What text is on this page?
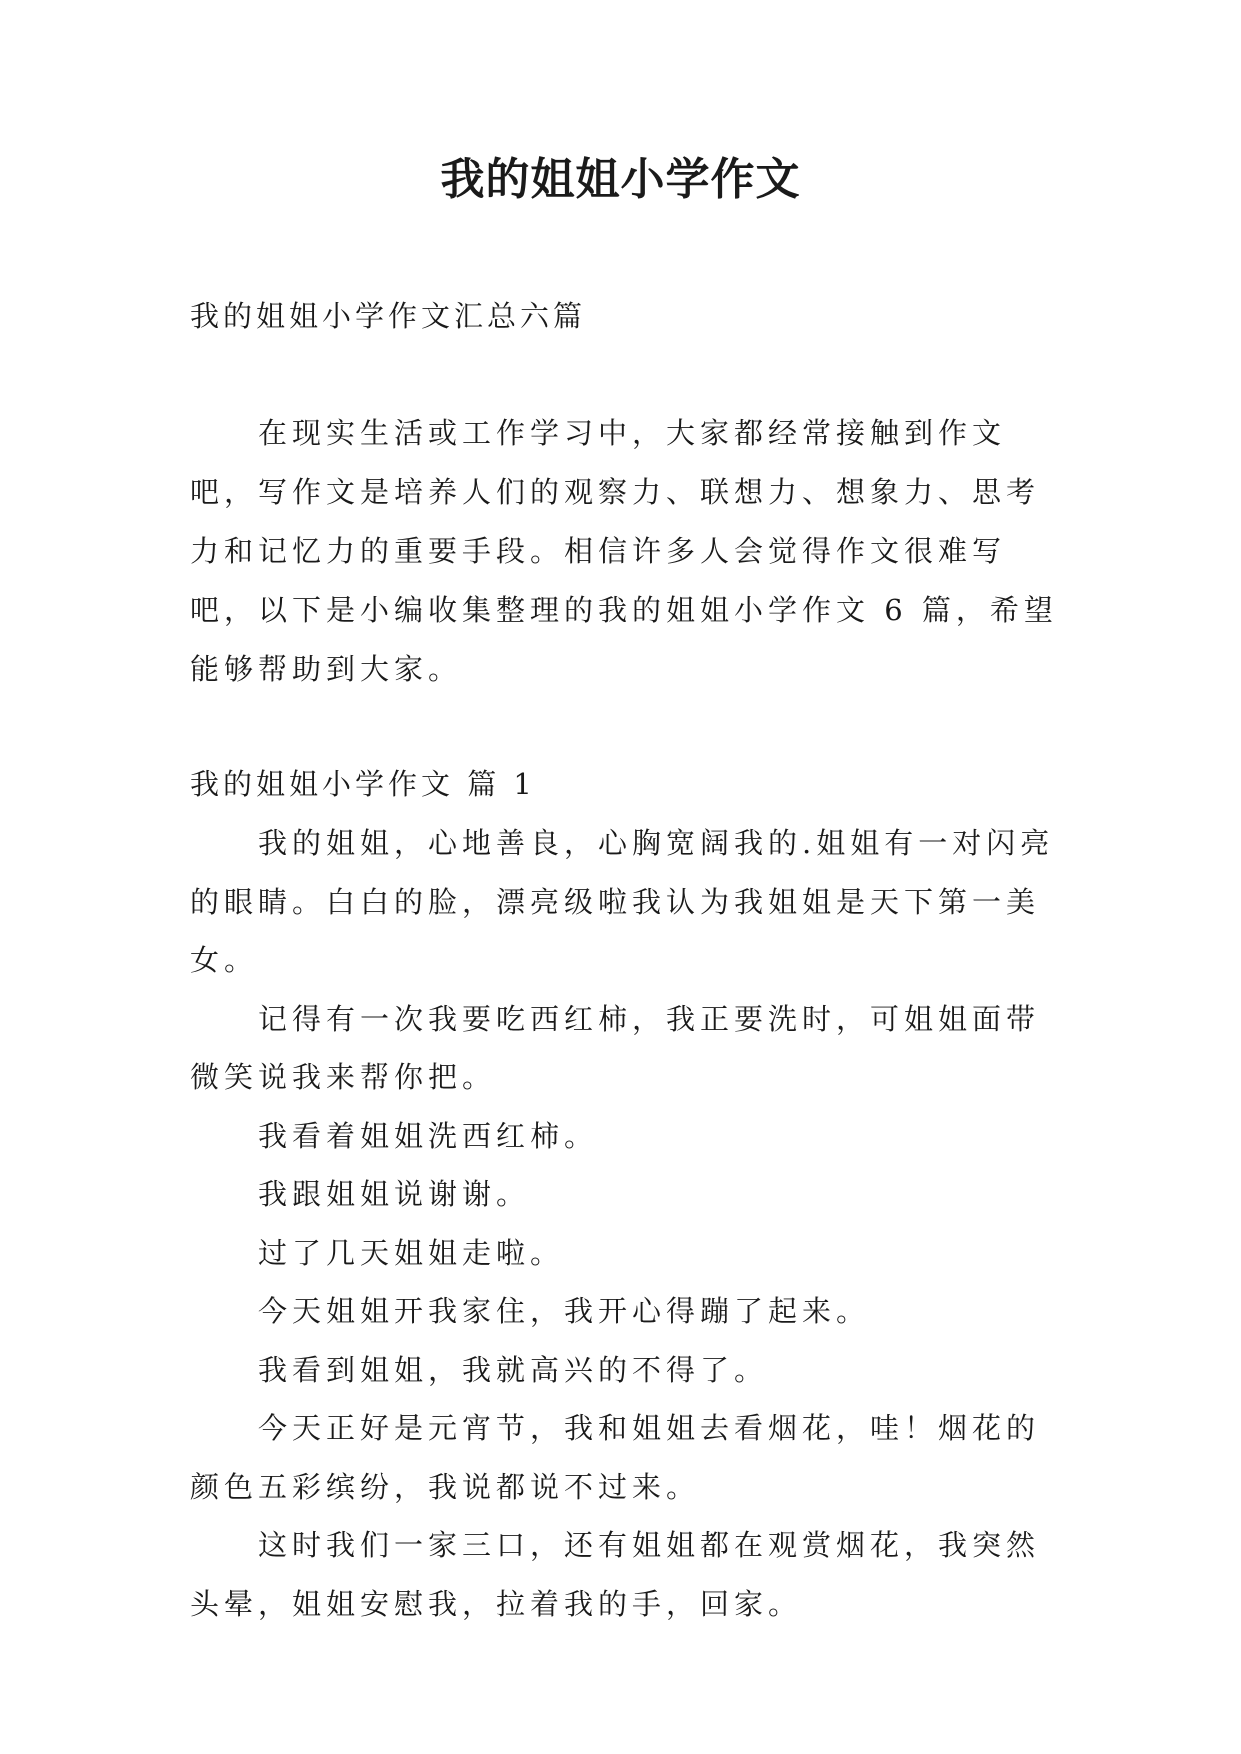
我的姐姐小学作文
我的姐姐小学作文汇总六篇

在现实生活或工作学习中，大家都经常接触到作文吧，写作文是培养人们的观察力、联想力、想象力、思考力和记忆力的重要手段。相信许多人会觉得作文很难写吧，以下是小编收集整理的我的姐姐小学作文 6 篇，希望能够帮助到大家。

我的姐姐小学作文 篇 1

我的姐姐，心地善良，心胸宽阔我的.姐姐有一对闪亮的眼睛。白白的脸，漂亮级啦我认为我姐姐是天下第一美女。

记得有一次我要吃西红柿，我正要洗时，可姐姐面带微笑说我来帮你把。

我看着姐姐洗西红柿。

我跟姐姐说谢谢。

过了几天姐姐走啦。

今天姐姐开我家住，我开心得蹦了起来。

我看到姐姐，我就高兴的不得了。

今天正好是元宵节，我和姐姐去看烟花，哇！烟花的颜色五彩缤纷，我说都说不过来。

这时我们一家三口，还有姐姐都在观赏烟花，我突然头晕，姐姐安慰我，拉着我的手，回家。
